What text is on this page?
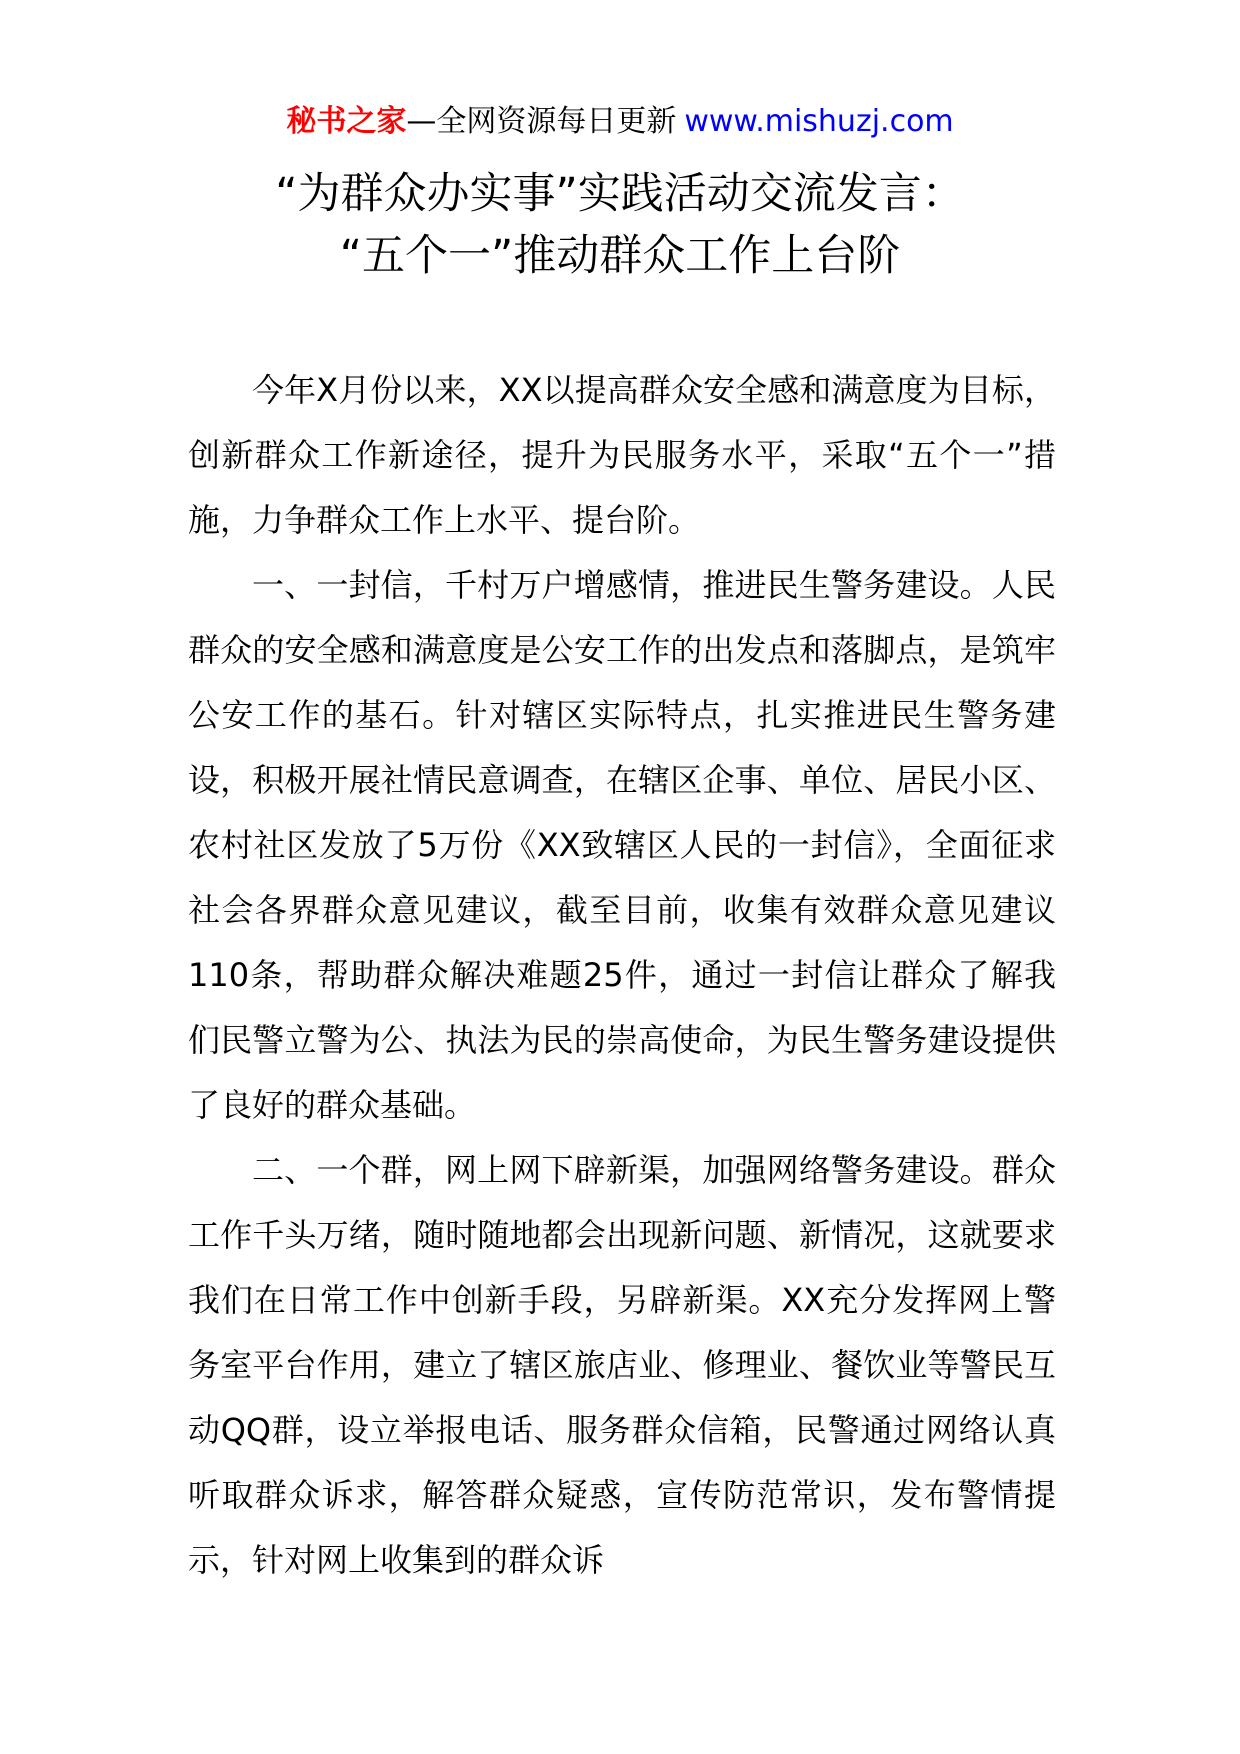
秘书之家—全网资源每日更新 www.mishuzj.com
“为群众办实事”实践活动交流发言：
“五个一”推动群众工作上台阶

今年X月份以来，XX以提高群众安全感和满意度为目标，创新群众工作新途径，提升为民服务水平，采取“五个一”措施，力争群众工作上水平、提台阶。

一、一封信，千村万户增感情，推进民生警务建设。人民群众的安全感和满意度是公安工作的出发点和落脚点，是筑牢公安工作的基石。针对辖区实际特点，扎实推进民生警务建设，积极开展社情民意调查，在辖区企事、单位、居民小区、农村社区发放了5万份《XX致辖区人民的一封信》，全面征求社会各界群众意见建议，截至目前，收集有效群众意见建议110条，帮助群众解决难题25件，通过一封信让群众了解我们民警立警为公、执法为民的崇高使命，为民生警务建设提供了良好的群众基础。

二、一个群，网上网下辟新渠，加强网络警务建设。群众工作千头万绪，随时随地都会出现新问题、新情况，这就要求我们在日常工作中创新手段，另辟新渠。XX充分发挥网上警务室平台作用，建立了辖区旅店业、修理业、餐饮业等警民互动QQ群，设立举报电话、服务群众信箱，民警通过网络认真听取群众诉求，解答群众疑惑，宣传防范常识，发布警情提示，针对网上收集到的群众诉
